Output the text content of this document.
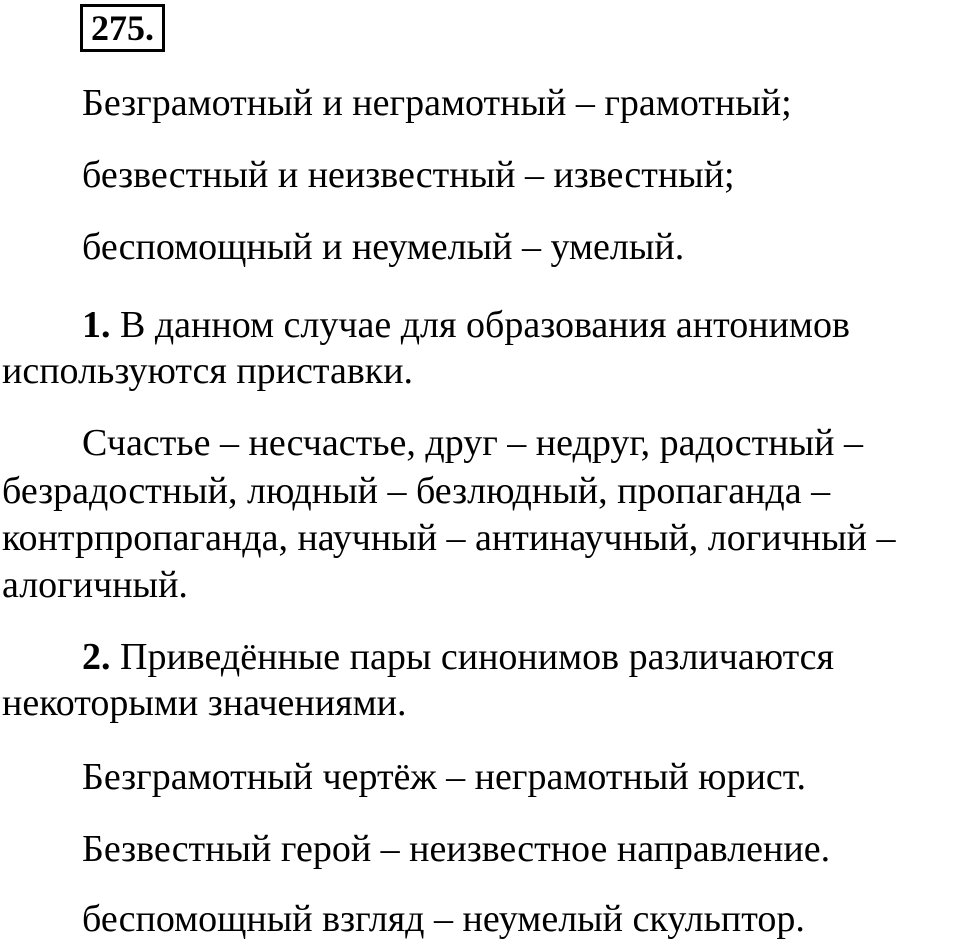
275.
Безграмотный и неграмотный – грамотный;
безвестный и неизвестный – известный;
беспомощный и неумелый – умелый.
1. В данном случае для образования антонимов
используются приставки.
Счастье – несчастье, друг – недруг, радостный –
безрадостный, людный – безлюдный, пропаганда –
контрпропаганда, научный – антинаучный, логичный –
алогичный.
2. Приведённые пары синонимов различаются
некоторыми значениями.
Безграмотный чертёж – неграмотный юрист.
Безвестный герой – неизвестное направление.
беспомощный взгляд – неумелый скульптор.
